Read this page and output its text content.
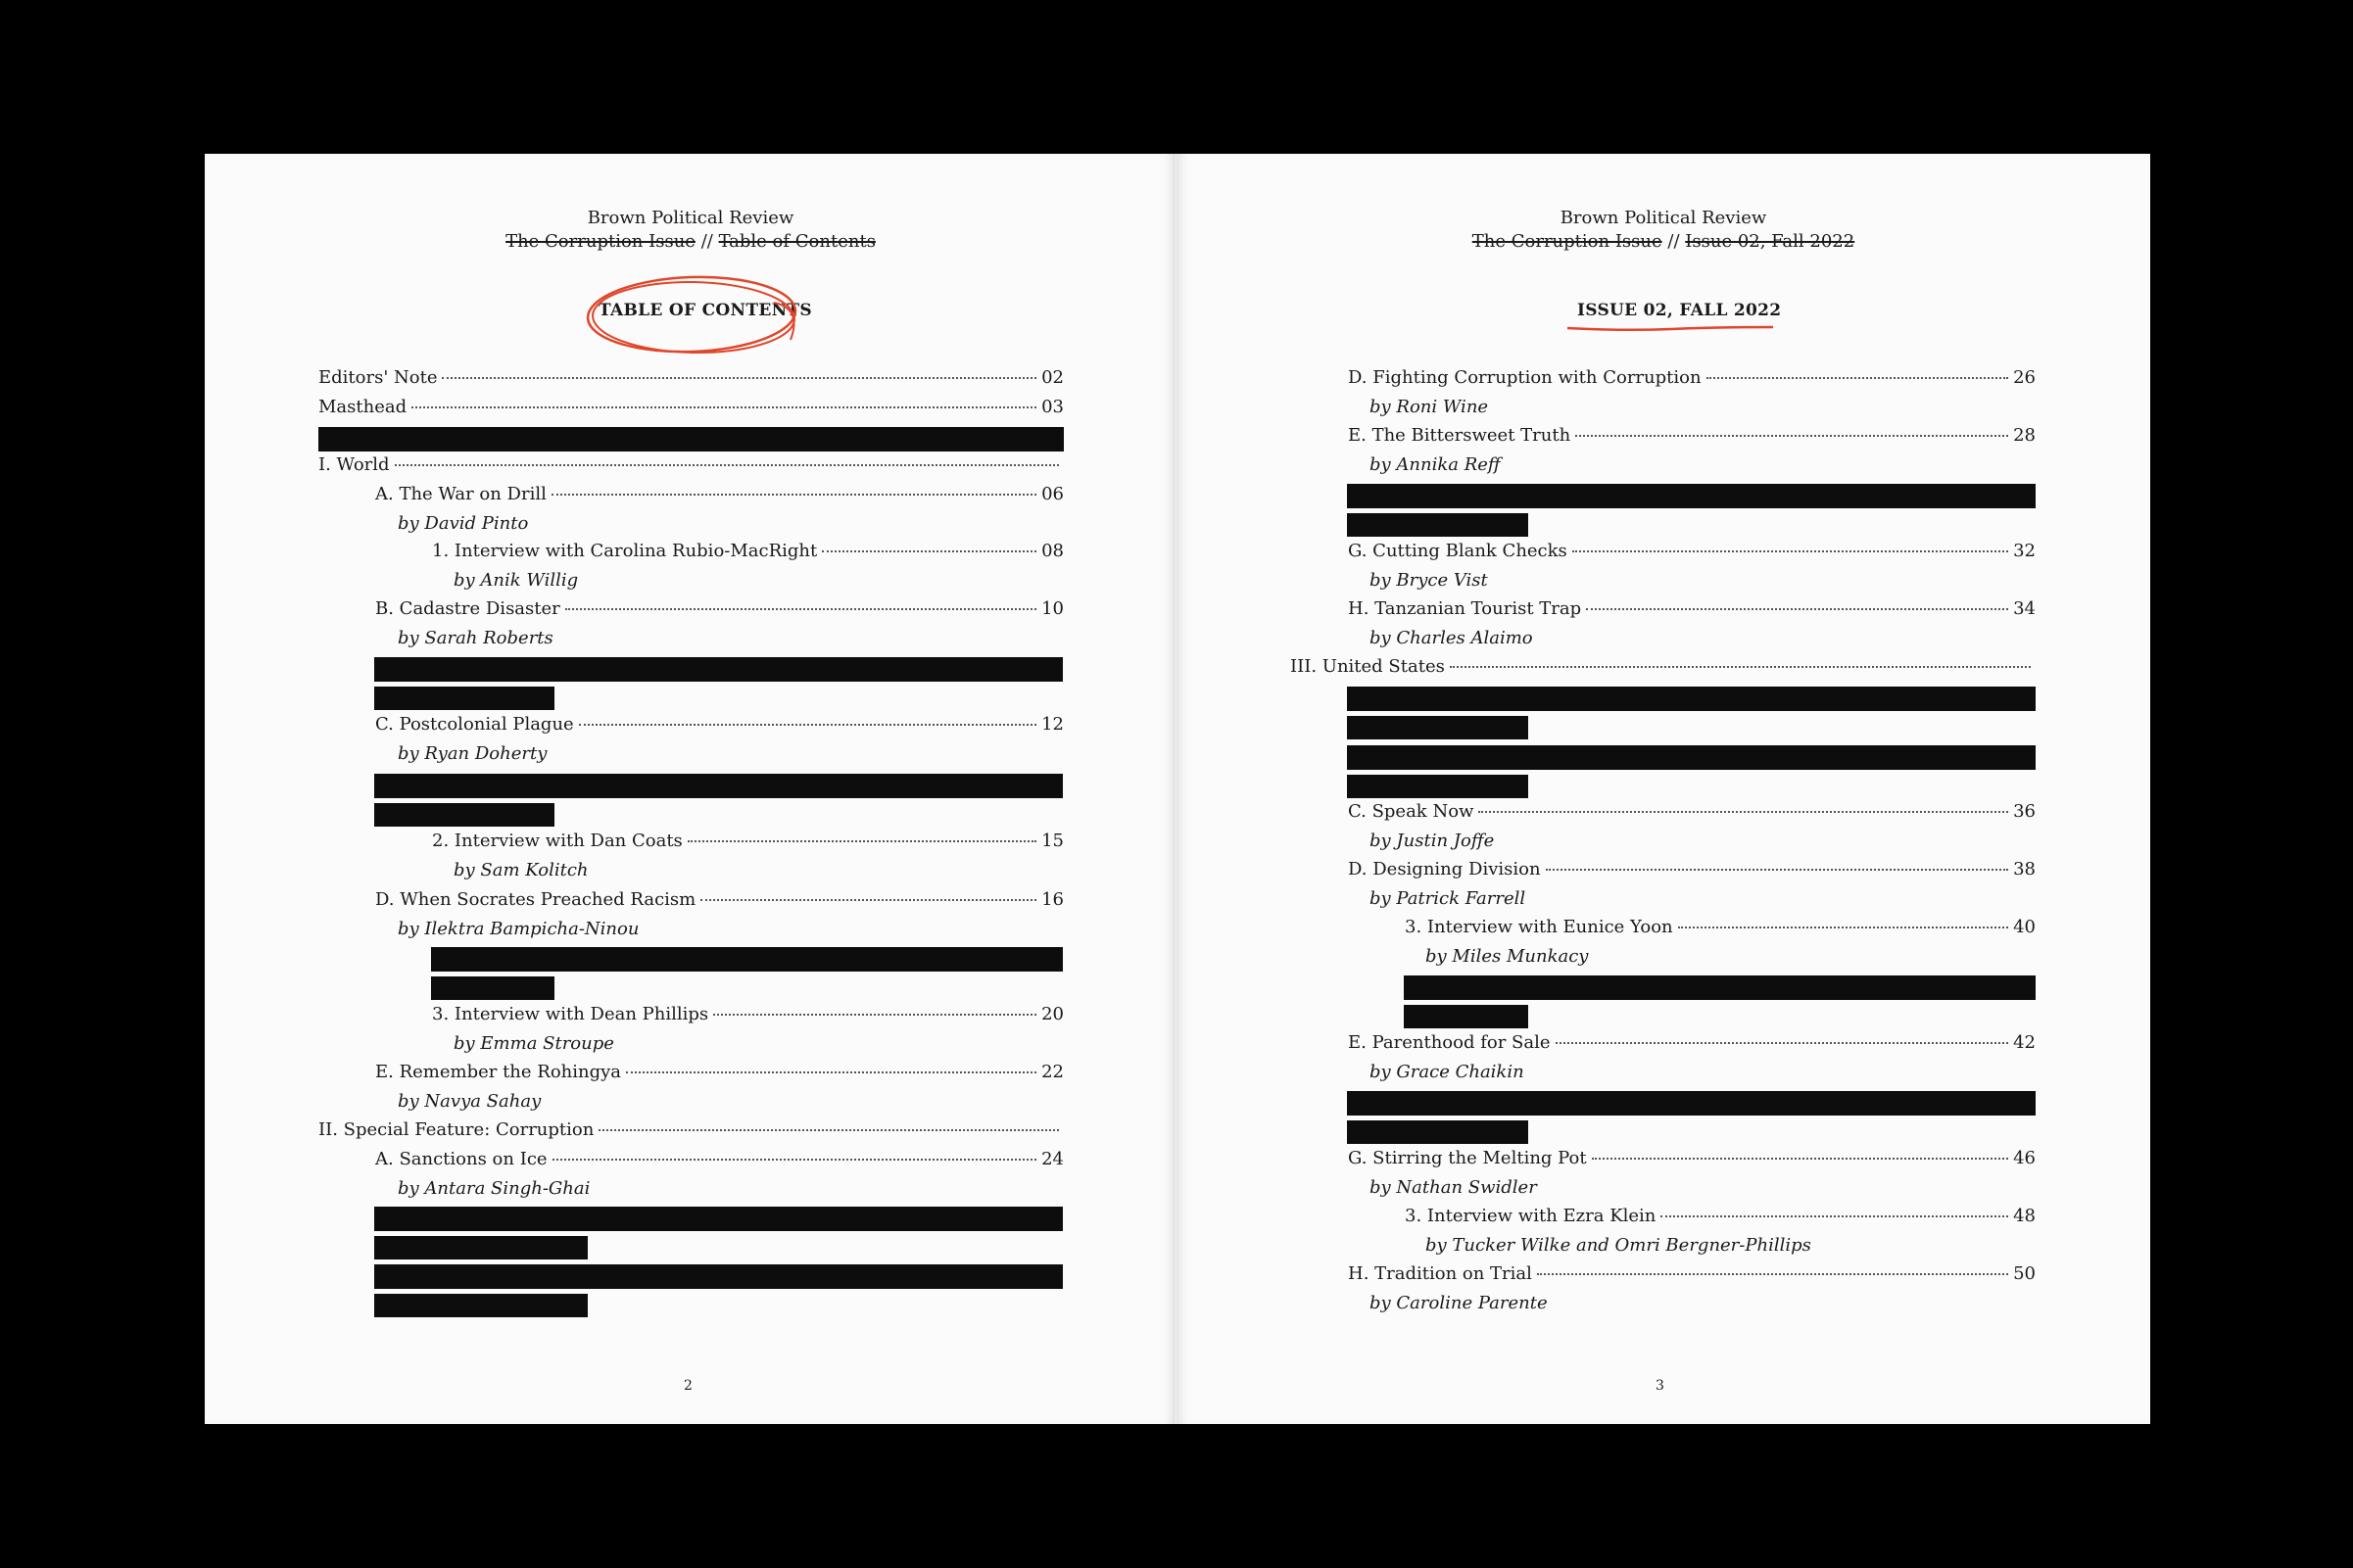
Brown Political Review
The Corruption Issue // Table of Contents
TABLE OF CONTENTS
Editors' Note	02
Masthead	03
I. World
A. The War on Drill	06
by David Pinto
1. Interview with Carolina Rubio-MacRight	08
by Anik Willig
B. Cadastre Disaster	10
by Sarah Roberts
C. Postcolonial Plague	12
by Ryan Doherty
2. Interview with Dan Coats	15
by Sam Kolitch
D. When Socrates Preached Racism	16
by Ilektra Bampicha-Ninou
3. Interview with Dean Phillips	20
by Emma Stroupe
E. Remember the Rohingya	22
by Navya Sahay
II. Special Feature: Corruption
A. Sanctions on Ice	24
by Antara Singh-Ghai
2
Brown Political Review
The Corruption Issue // Issue 02, Fall 2022
ISSUE 02, FALL 2022
D. Fighting Corruption with Corruption	26
by Roni Wine
E. The Bittersweet Truth	28
by Annika Reff
G. Cutting Blank Checks	32
by Bryce Vist
H. Tanzanian Tourist Trap	34
by Charles Alaimo
III. United States
C. Speak Now	36
by Justin Joffe
D. Designing Division	38
by Patrick Farrell
3. Interview with Eunice Yoon	40
by Miles Munkacy
E. Parenthood for Sale	42
by Grace Chaikin
G. Stirring the Melting Pot	46
by Nathan Swidler
3. Interview with Ezra Klein	48
by Tucker Wilke and Omri Bergner-Phillips
H. Tradition on Trial	50
by Caroline Parente
3
